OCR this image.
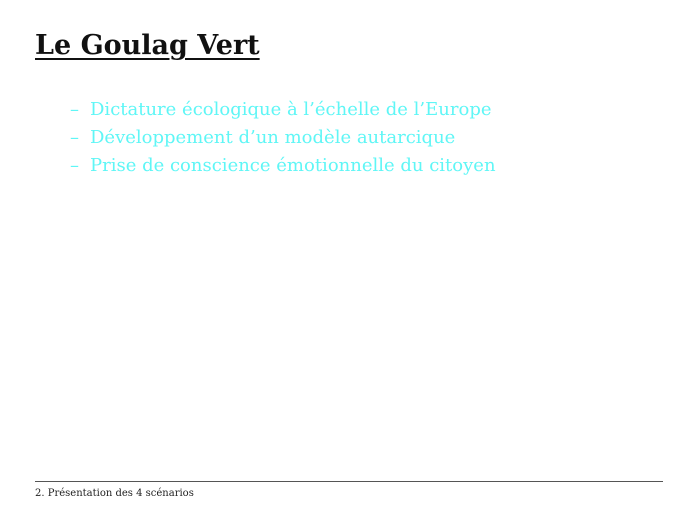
Le Goulag Vert
– Dictature écologique à l’échelle de l’Europe
– Développement d’un modèle autarcique
– Prise de conscience émotionnelle du citoyen
2. Présentation des 4 scénarios
